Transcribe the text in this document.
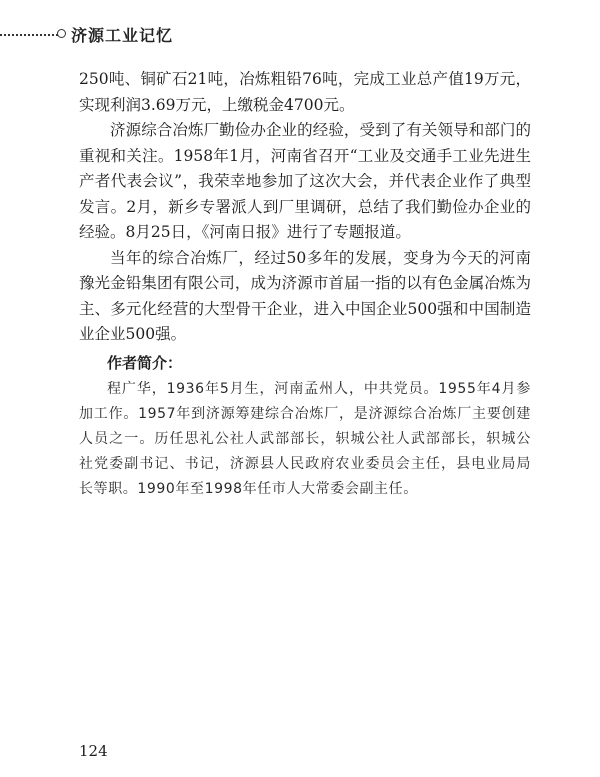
济源工业记忆

250吨、铜矿石21吨，冶炼粗铅76吨，完成工业总产值19万元，实现利润3.69万元，上缴税金4700元。

济源综合冶炼厂勤俭办企业的经验，受到了有关领导和部门的重视和关注。1958年1月，河南省召开“工业及交通手工业先进生产者代表会议”，我荣幸地参加了这次大会，并代表企业作了典型发言。2月，新乡专署派人到厂里调研，总结了我们勤俭办企业的经验。8月25日，《河南日报》进行了专题报道。

当年的综合冶炼厂，经过50多年的发展，变身为今天的河南豫光金铅集团有限公司，成为济源市首届一指的以有色金属冶炼为主、多元化经营的大型骨干企业，进入中国企业500强和中国制造业企业500强。

作者简介：

程广华，1936年5月生，河南孟州人，中共党员。1955年4月参加工作。1957年到济源筹建综合冶炼厂，是济源综合冶炼厂主要创建人员之一。历任思礼公社人武部部长，轵城公社人武部部长，轵城公社党委副书记、书记，济源县人民政府农业委员会主任，县电业局局长等职。1990年至1998年任市人大常委会副主任。

124
